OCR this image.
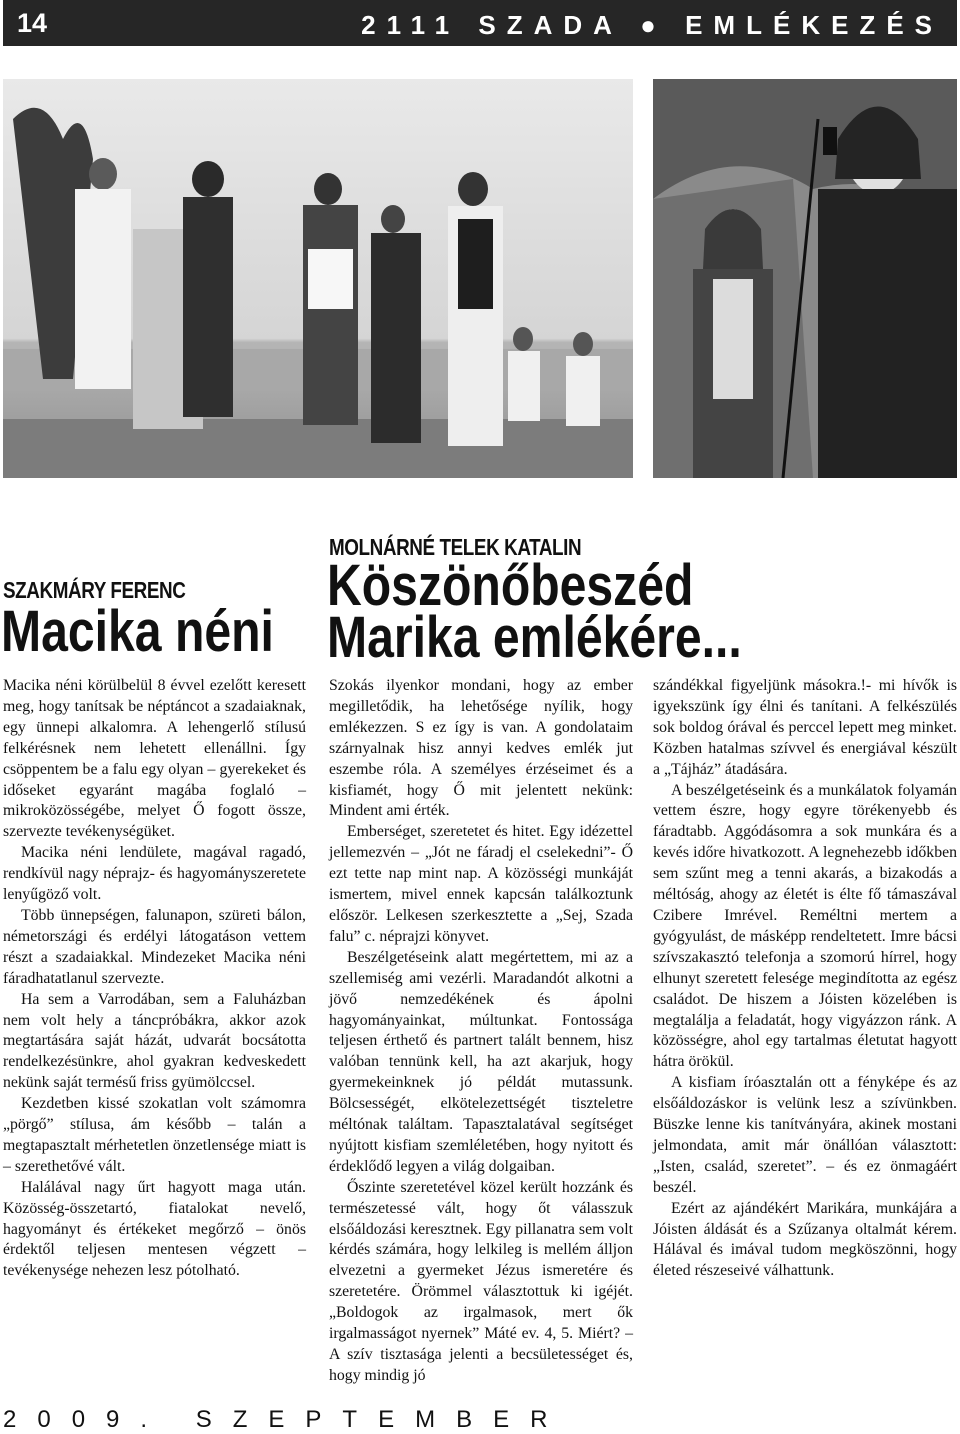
14	2111 SZADA ● EMLÉKEZÉS
SZAKMÁRY FERENC
Macika néni
MOLNÁRNÉ TELEK KATALIN
Köszönőbeszéd
Marika emlékére...

Macika néni körülbelül 8 évvel ezelőtt keresett meg, hogy tanítsak be néptáncot a szadaiaknak, egy ünnepi alkalomra. A lehengerlő stílusú felkérésnek nem lehetett ellenállni. Így csöppentem be a falu egy olyan – gyerekeket és időseket egyaránt magába foglaló – mikroközösségébe, melyet Ő fogott össze, szervezte tevékenységüket.

Macika néni lendülete, magával ragadó, rendkívül nagy néprajz- és hagyományszeretete lenyűgöző volt.

Több ünnepségen, falunapon, szüreti bálon, németországi és erdélyi látogatáson vettem részt a szadaiakkal. Mindezeket Macika néni fáradhatatlanul szervezte.

Ha sem a Varrodában, sem a Faluházban nem volt hely a táncpróbákra, akkor azok megtartására saját házát, udvarát bocsátotta rendelkezésünkre, ahol gyakran kedveskedett nekünk saját termésű friss gyümölccsel.

Kezdetben kissé szokatlan volt számomra „pörgő” stílusa, ám később – talán a megtapasztalt mérhetetlen önzetlensége miatt is – szerethetővé vált.

Halálával nagy űrt hagyott maga után. Közösség-összetartó, fiatalokat nevelő, hagyományt és értékeket megőrző – önös érdektől teljesen mentesen végzett – tevékenysége nehezen lesz pótolható.

Szokás ilyenkor mondani, hogy az ember megilletődik, ha lehetősége nyílik, hogy emlékezzen. S ez így is van. A gondolataim szárnyalnak hisz annyi kedves emlék jut eszembe róla. A személyes érzéseimet és a kisfiamét, hogy Ő mit jelentett nekünk: Mindent ami érték.

Emberséget, szeretetet és hitet. Egy idézettel jellemezvén – „Jót ne fáradj el cselekedni”- Ő ezt tette nap mint nap. A közösségi munkáját ismertem, mivel ennek kapcsán találkoztunk először. Lelkesen szerkesztette a „Sej, Szada falu” c. néprajzi könyvet.

Beszélgetéseink alatt megértettem, mi az a szellemiség ami vezérli. Maradandót alkotni a jövő nemzedékének és ápolni hagyományainkat, múltunkat. Fontossága teljesen érthető és partnert talált bennem, hisz valóban tennünk kell, ha azt akarjuk, hogy gyermekeinknek jó példát mutassunk. Bölcsességét, elkötelezettségét tiszteletre méltónak találtam. Tapasztalatával segítséget nyújtott kisfiam szemléletében, hogy nyitott és érdeklődő legyen a világ dolgaiban.

Őszinte szeretetével közel került hozzánk és természetessé vált, hogy őt válasszuk elsőáldozási keresztnek. Egy pillanatra sem volt kérdés számára, hogy lelkileg is mellém álljon elvezetni a gyermeket Jézus ismeretére és szeretetére. Örömmel választottuk ki igéjét. „Boldogok az irgalmasok, mert ők irgalmasságot nyernek” Máté ev. 4, 5. Miért? – A szív tisztasága jelenti a becsületességet és, hogy mindig jó

szándékkal figyeljünk másokra.!- mi hívők is igyekszünk így élni és tanítani. A felkészülés sok boldog órával és perccel lepett meg minket. Közben hatalmas szívvel és energiával készült a „Tájház” átadására.

A beszélgetéseink és a munkálatok folyamán vettem észre, hogy egyre törékenyebb és fáradtabb. Aggódásomra a sok munkára és a kevés időre hivatkozott. A legnehezebb időkben sem szűnt meg a tenni akarás, a bizakodás a méltóság, ahogy az életét is élte fő támaszával Czibere Imrével. Reméltni mertem a gyógyulást, de másképp rendeltetett. Imre bácsi szívszakasztó telefonja a szomorú hírrel, hogy elhunyt szeretett felesége megindította az egész családot. De hiszem a Jóisten közelében is megtalálja a feladatát, hogy vigyázzon ránk. A közösségre, ahol egy tartalmas életutat hagyott hátra örökül.

A kisfiam íróasztalán ott a fényképe és az elsőáldozáskor is velünk lesz a szívünkben. Büszke lenne kis tanítványára, akinek mostani jelmondata, amit már önállóan választott: „Isten, család, szeretet”. – és ez önmagáért beszél.

Ezért az ajándékért Marikára, munkájára a Jóisten áldását és a Szűzanya oltalmát kérem. Hálával és imával tudom megköszönni, hogy életed részeseivé válhattunk.

2009. SZEPTEMBER
